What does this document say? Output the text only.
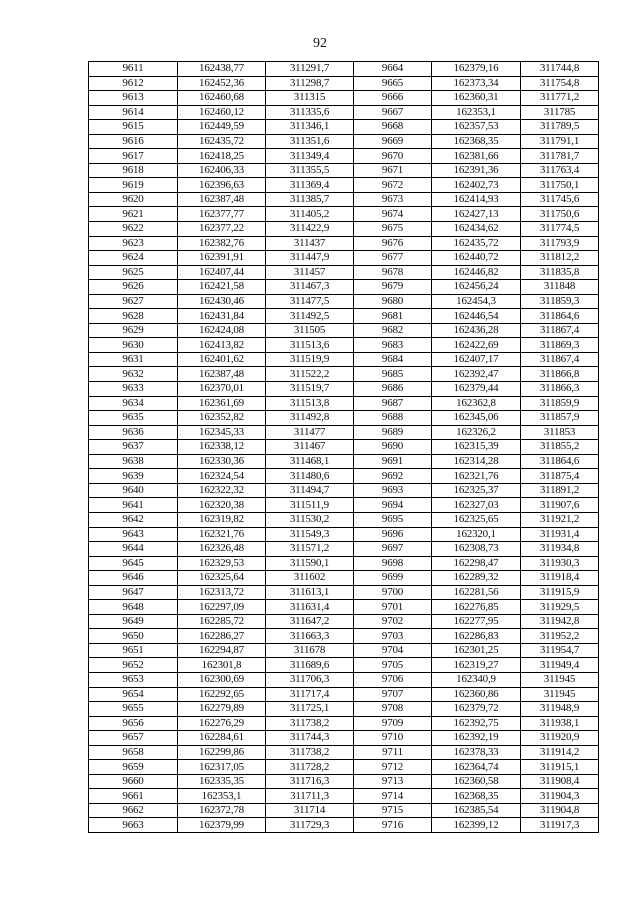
92
9611	162438,77	311291,7	9664	162379,16	311744,8
9612	162452,36	311298,7	9665	162373,34	311754,8
9613	162460,68	311315	9666	162360,31	311771,2
9614	162460,12	311335,6	9667	162353,1	311785
9615	162449,59	311346,1	9668	162357,53	311789,5
9616	162435,72	311351,6	9669	162368,35	311791,1
9617	162418,25	311349,4	9670	162381,66	311781,7
9618	162406,33	311355,5	9671	162391,36	311763,4
9619	162396,63	311369,4	9672	162402,73	311750,1
9620	162387,48	311385,7	9673	162414,93	311745,6
9621	162377,77	311405,2	9674	162427,13	311750,6
9622	162377,22	311422,9	9675	162434,62	311774,5
9623	162382,76	311437	9676	162435,72	311793,9
9624	162391,91	311447,9	9677	162440,72	311812,2
9625	162407,44	311457	9678	162446,82	311835,8
9626	162421,58	311467,3	9679	162456,24	311848
9627	162430,46	311477,5	9680	162454,3	311859,3
9628	162431,84	311492,5	9681	162446,54	311864,6
9629	162424,08	311505	9682	162436,28	311867,4
9630	162413,82	311513,6	9683	162422,69	311869,3
9631	162401,62	311519,9	9684	162407,17	311867,4
9632	162387,48	311522,2	9685	162392,47	311866,8
9633	162370,01	311519,7	9686	162379,44	311866,3
9634	162361,69	311513,8	9687	162362,8	311859,9
9635	162352,82	311492,8	9688	162345,06	311857,9
9636	162345,33	311477	9689	162326,2	311853
9637	162338,12	311467	9690	162315,39	311855,2
9638	162330,36	311468,1	9691	162314,28	311864,6
9639	162324,54	311480,6	9692	162321,76	311875,4
9640	162322,32	311494,7	9693	162325,37	311891,2
9641	162320,38	311511,9	9694	162327,03	311907,6
9642	162319,82	311530,2	9695	162325,65	311921,2
9643	162321,76	311549,3	9696	162320,1	311931,4
9644	162326,48	311571,2	9697	162308,73	311934,8
9645	162329,53	311590,1	9698	162298,47	311930,3
9646	162325,64	311602	9699	162289,32	311918,4
9647	162313,72	311613,1	9700	162281,56	311915,9
9648	162297,09	311631,4	9701	162276,85	311929,5
9649	162285,72	311647,2	9702	162277,95	311942,8
9650	162286,27	311663,3	9703	162286,83	311952,2
9651	162294,87	311678	9704	162301,25	311954,7
9652	162301,8	311689,6	9705	162319,27	311949,4
9653	162300,69	311706,3	9706	162340,9	311945
9654	162292,65	311717,4	9707	162360,86	311945
9655	162279,89	311725,1	9708	162379,72	311948,9
9656	162276,29	311738,2	9709	162392,75	311938,1
9657	162284,61	311744,3	9710	162392,19	311920,9
9658	162299,86	311738,2	9711	162378,33	311914,2
9659	162317,05	311728,2	9712	162364,74	311915,1
9660	162335,35	311716,3	9713	162360,58	311908,4
9661	162353,1	311711,3	9714	162368,35	311904,3
9662	162372,78	311714	9715	162385,54	311904,8
9663	162379,99	311729,3	9716	162399,12	311917,3
